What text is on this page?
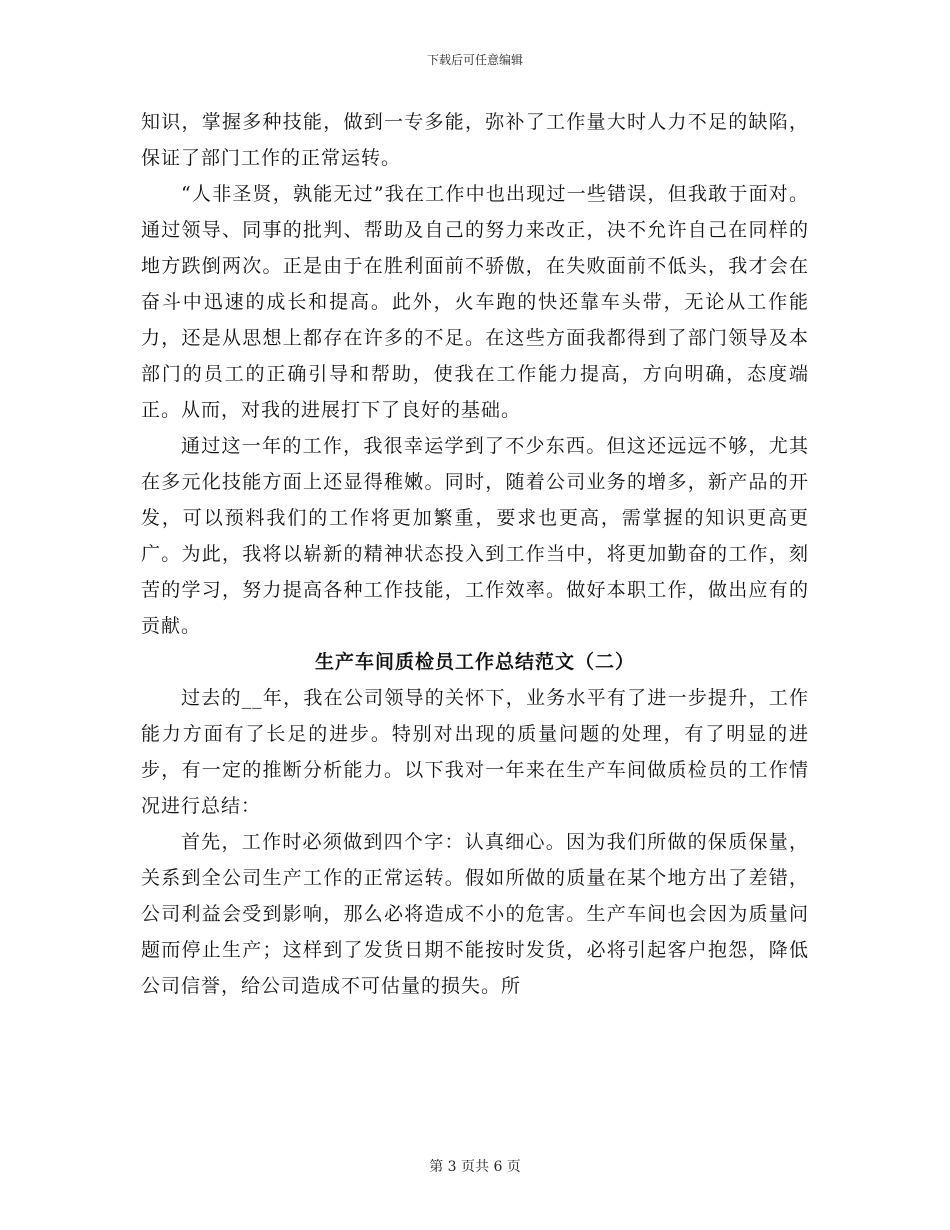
下载后可任意编辑

知识，掌握多种技能，做到一专多能，弥补了工作量大时人力不足的缺陷，保证了部门工作的正常运转。

“人非圣贤，孰能无过”我在工作中也出现过一些错误，但我敢于面对。通过领导、同事的批判、帮助及自己的努力来改正，决不允许自己在同样的地方跌倒两次。正是由于在胜利面前不骄傲，在失败面前不低头，我才会在奋斗中迅速的成长和提高。此外，火车跑的快还靠车头带，无论从工作能力，还是从思想上都存在许多的不足。在这些方面我都得到了部门领导及本部门的员工的正确引导和帮助，使我在工作能力提高，方向明确，态度端正。从而，对我的进展打下了良好的基础。

通过这一年的工作，我很幸运学到了不少东西。但这还远远不够，尤其在多元化技能方面上还显得稚嫩。同时，随着公司业务的增多，新产品的开发，可以预料我们的工作将更加繁重，要求也更高，需掌握的知识更高更广。为此，我将以崭新的精神状态投入到工作当中，将更加勤奋的工作，刻苦的学习，努力提高各种工作技能，工作效率。做好本职工作，做出应有的贡献。

生产车间质检员工作总结范文（二）

过去的__年，我在公司领导的关怀下，业务水平有了进一步提升，工作能力方面有了长足的进步。特别对出现的质量问题的处理，有了明显的进步，有一定的推断分析能力。以下我对一年来在生产车间做质检员的工作情况进行总结：

首先，工作时必须做到四个字：认真细心。因为我们所做的保质保量，关系到全公司生产工作的正常运转。假如所做的质量在某个地方出了差错，公司利益会受到影响，那么必将造成不小的危害。生产车间也会因为质量问题而停止生产；这样到了发货日期不能按时发货，必将引起客户抱怨，降低公司信誉，给公司造成不可估量的损失。所

第 3 页共 6 页
